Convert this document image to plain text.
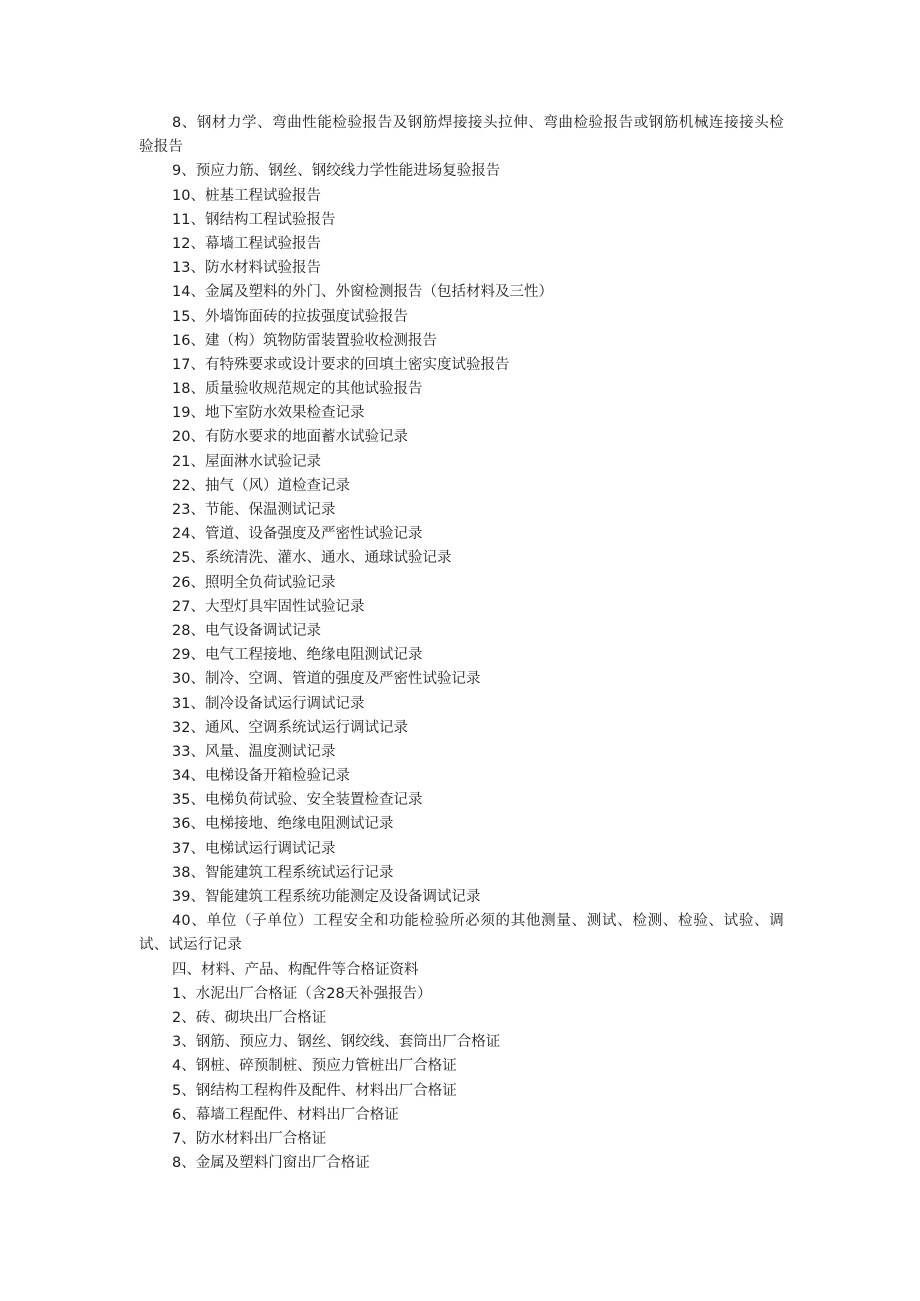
8、钢材力学、弯曲性能检验报告及钢筋焊接接头拉伸、弯曲检验报告或钢筋机械连接接头检验报告
9、预应力筋、钢丝、钢绞线力学性能进场复验报告
10、桩基工程试验报告
11、钢结构工程试验报告
12、幕墙工程试验报告
13、防水材料试验报告
14、金属及塑料的外门、外窗检测报告（包括材料及三性）
15、外墙饰面砖的拉拔强度试验报告
16、建（构）筑物防雷装置验收检测报告
17、有特殊要求或设计要求的回填土密实度试验报告
18、质量验收规范规定的其他试验报告
19、地下室防水效果检查记录
20、有防水要求的地面蓄水试验记录
21、屋面淋水试验记录
22、抽气（风）道检查记录
23、节能、保温测试记录
24、管道、设备强度及严密性试验记录
25、系统清洗、灌水、通水、通球试验记录
26、照明全负荷试验记录
27、大型灯具牢固性试验记录
28、电气设备调试记录
29、电气工程接地、绝缘电阻测试记录
30、制冷、空调、管道的强度及严密性试验记录
31、制冷设备试运行调试记录
32、通风、空调系统试运行调试记录
33、风量、温度测试记录
34、电梯设备开箱检验记录
35、电梯负荷试验、安全装置检查记录
36、电梯接地、绝缘电阻测试记录
37、电梯试运行调试记录
38、智能建筑工程系统试运行记录
39、智能建筑工程系统功能测定及设备调试记录
40、单位（子单位）工程安全和功能检验所必须的其他测量、测试、检测、检验、试验、调试、试运行记录
四、材料、产品、构配件等合格证资料
1、水泥出厂合格证（含28天补强报告）
2、砖、砌块出厂合格证
3、钢筋、预应力、钢丝、钢绞线、套筒出厂合格证
4、钢桩、碎预制桩、预应力管桩出厂合格证
5、钢结构工程构件及配件、材料出厂合格证
6、幕墙工程配件、材料出厂合格证
7、防水材料出厂合格证
8、金属及塑料门窗出厂合格证
